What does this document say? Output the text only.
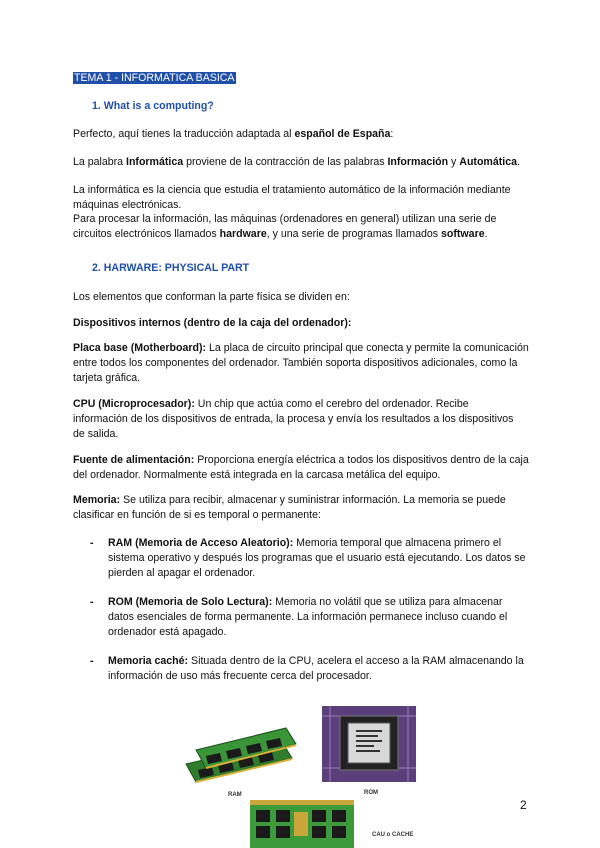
TEMA 1 - INFORMATICA BASICA
1. What is a computing?
Perfecto, aquí tienes la traducción adaptada al español de España:
La palabra Informática proviene de la contracción de las palabras Información y Automática.
La informática es la ciencia que estudia el tratamiento automático de la información mediante máquinas electrónicas.
Para procesar la información, las máquinas (ordenadores en general) utilizan una serie de circuitos electrónicos llamados hardware, y una serie de programas llamados software.
2. HARWARE: PHYSICAL PART
Los elementos que conforman la parte física se dividen en:
Dispositivos internos (dentro de la caja del ordenador):
Placa base (Motherboard): La placa de circuito principal que conecta y permite la comunicación entre todos los componentes del ordenador. También soporta dispositivos adicionales, como la tarjeta gráfica.
CPU (Microprocesador): Un chip que actúa como el cerebro del ordenador. Recibe información de los dispositivos de entrada, la procesa y envía los resultados a los dispositivos de salida.
Fuente de alimentación: Proporciona energía eléctrica a todos los dispositivos dentro de la caja del ordenador. Normalmente está integrada en la carcasa metálica del equipo.
Memoria: Se utiliza para recibir, almacenar y suministrar información. La memoria se puede clasificar en función de si es temporal o permanente:
- RAM (Memoria de Acceso Aleatorio): Memoria temporal que almacena primero el sistema operativo y después los programas que el usuario está ejecutando. Los datos se pierden al apagar el ordenador.
- ROM (Memoria de Solo Lectura): Memoria no volátil que se utiliza para almacenar datos esenciales de forma permanente. La información permanece incluso cuando el ordenador está apagado.
- Memoria caché: Situada dentro de la CPU, acelera el acceso a la RAM almacenando la información de uso más frecuente cerca del procesador.
RAM	ROM
CAU o CACHE
2
